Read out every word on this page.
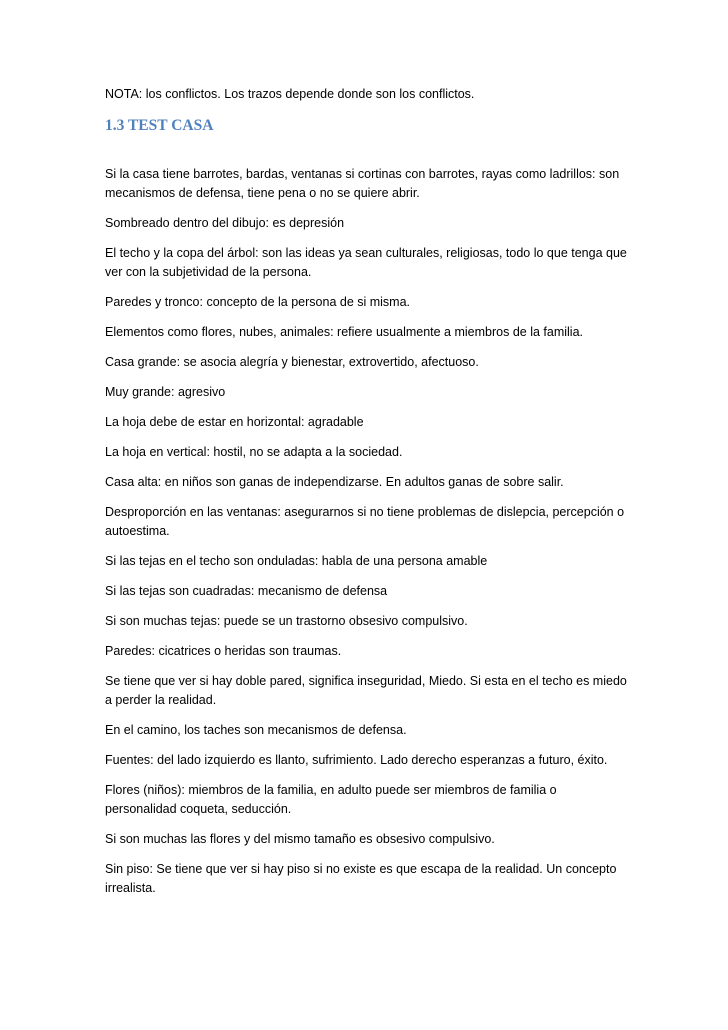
NOTA: los conflictos. Los trazos depende donde son los conflictos.

1.3 TEST CASA

Si la casa tiene barrotes, bardas, ventanas si cortinas con barrotes, rayas como ladrillos: son mecanismos de defensa, tiene pena o no se quiere abrir.

Sombreado dentro del dibujo: es depresión

El techo y la copa del árbol: son las ideas ya sean culturales, religiosas, todo lo que tenga que ver con la subjetividad de la persona.

Paredes y tronco: concepto de la persona de si misma.

Elementos como flores, nubes, animales: refiere usualmente a miembros de la familia.

Casa grande: se asocia alegría y bienestar, extrovertido, afectuoso.

Muy grande: agresivo

La hoja debe de estar en horizontal: agradable

La hoja en vertical: hostil, no se adapta a la sociedad.

Casa alta: en niños son ganas de independizarse. En adultos ganas de sobre salir.

Desproporción en las ventanas: asegurarnos si no tiene problemas de dislepcia, percepción o autoestima.

Si las tejas en el techo son onduladas: habla de una persona amable

Si las tejas son cuadradas: mecanismo de defensa

Si son muchas tejas: puede se un trastorno obsesivo compulsivo.

Paredes: cicatrices o heridas son traumas.

Se tiene que ver si hay doble pared, significa inseguridad, Miedo. Si esta en el techo es miedo a perder la realidad.

En el camino, los taches son mecanismos de defensa.

Fuentes: del lado izquierdo es llanto, sufrimiento. Lado derecho esperanzas a futuro, éxito.

Flores (niños): miembros de la familia, en adulto puede ser miembros de familia o personalidad coqueta, seducción.

Si son muchas las flores y del mismo tamaño es obsesivo compulsivo.

Sin piso: Se tiene que ver si hay piso si no existe es que escapa de la realidad. Un concepto irrealista.
